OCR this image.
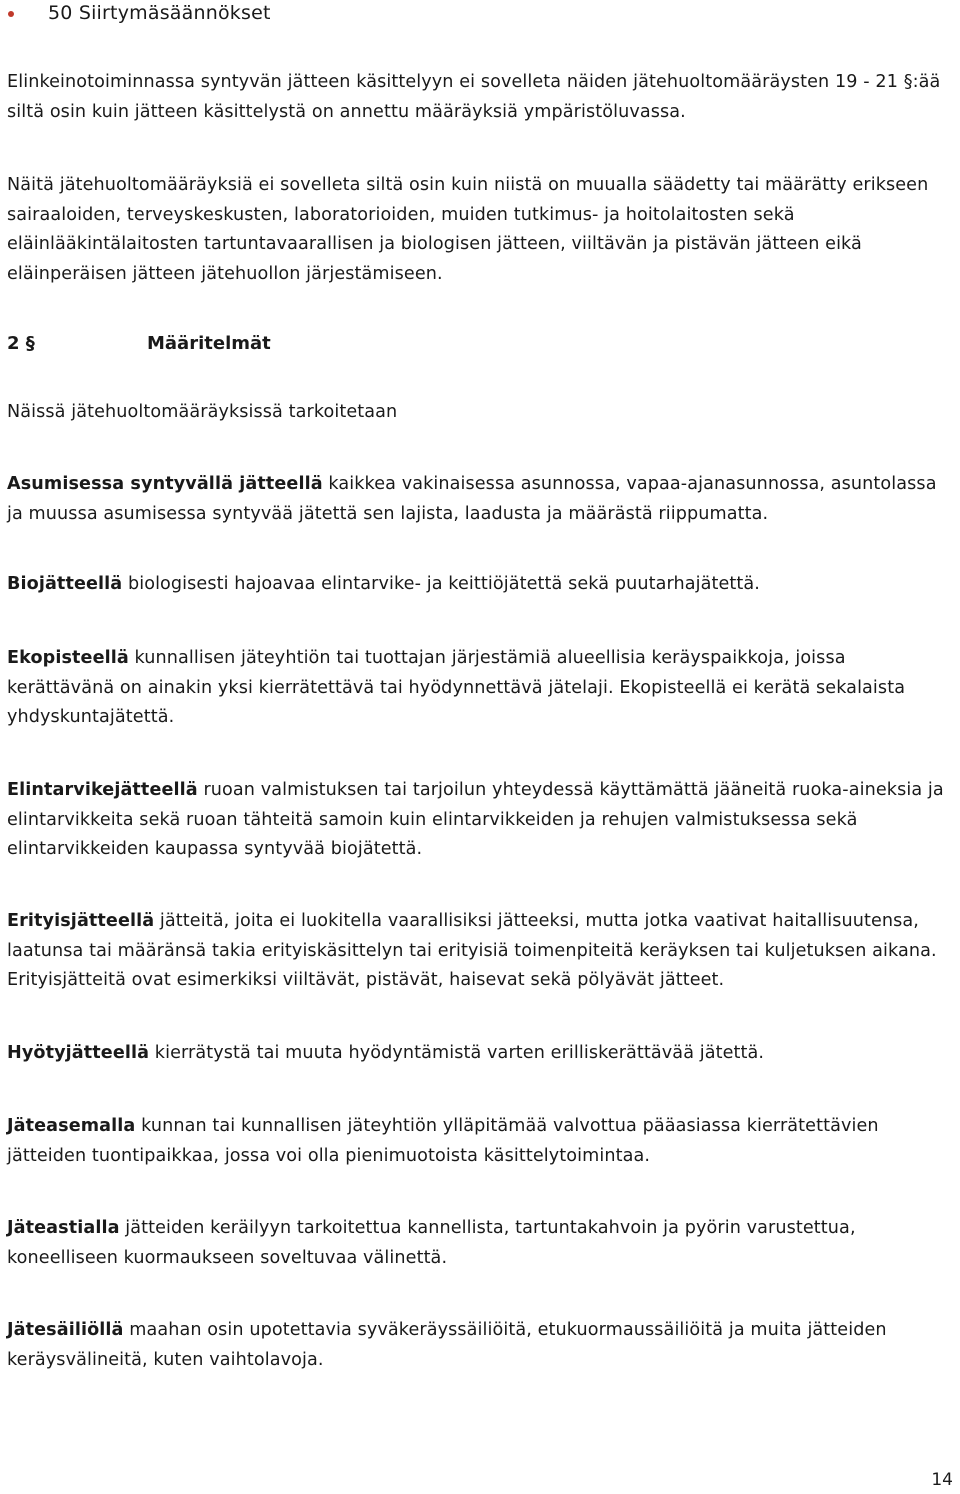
50 Siirtymäsäännökset

Elinkeinotoiminnassa syntyvän jätteen käsittelyyn ei sovelleta näiden jätehuoltomääräysten 19 - 21 §:ää siltä osin kuin jätteen käsittelystä on annettu määräyksiä ympäristöluvassa.

Näitä jätehuoltomääräyksiä ei sovelleta siltä osin kuin niistä on muualla säädetty tai määrätty erikseen sairaaloiden, terveyskeskusten, laboratorioiden, muiden tutkimus- ja hoitolaitosten sekä eläinlääkintälaitosten tartuntavaarallisen ja biologisen jätteen, viiltävän ja pistävän jätteen eikä eläinperäisen jätteen jätehuollon järjestämiseen.

2 §	Määritelmät

Näissä jätehuoltomääräyksissä tarkoitetaan

Asumisessa syntyvällä jätteellä kaikkea vakinaisessa asunnossa, vapaa-ajanasunnossa, asuntolassa ja muussa asumisessa syntyvää jätettä sen lajista, laadusta ja määrästä riippumatta.

Biojätteellä biologisesti hajoavaa elintarvike- ja keittiöjätettä sekä puutarhajätettä.

Ekopisteellä kunnallisen jäteyhtiön tai tuottajan järjestämiä alueellisia keräyspaikkoja, joissa kerättävänä on ainakin yksi kierrätettävä tai hyödynnettävä jätelaji. Ekopisteellä ei kerätä sekalaista yhdyskuntajätettä.

Elintarvikejätteellä ruoan valmistuksen tai tarjoilun yhteydessä käyttämättä jääneitä ruoka-aineksia ja elintarvikkeita sekä ruoan tähteitä samoin kuin elintarvikkeiden ja rehujen valmistuksessa sekä elintarvikkeiden kaupassa syntyvää biojätettä.

Erityisjätteellä jätteitä, joita ei luokitella vaarallisiksi jätteeksi, mutta jotka vaativat haitallisuutensa, laatunsa tai määränsä takia erityiskäsittelyn tai erityisiä toimenpiteitä keräyksen tai kuljetuksen aikana. Erityisjätteitä ovat esimerkiksi viiltävät, pistävät, haisevat sekä pölyävät jätteet.

Hyötyjätteellä kierrätystä tai muuta hyödyntämistä varten erilliskerättävää jätettä.

Jäteasemalla kunnan tai kunnallisen jäteyhtiön ylläpitämää valvottua pääasiassa kierrätettävien jätteiden tuontipaikkaa, jossa voi olla pienimuotoista käsittelytoimintaa.

Jäteastialla jätteiden keräilyyn tarkoitettua kannellista, tartuntakahvoin ja pyörin varustettua, koneelliseen kuormaukseen soveltuvaa välinettä.

Jätesäiliöllä maahan osin upotettavia syväkeräyssäiliöitä, etukuormaussäiliöitä ja muita jätteiden keräysvälineitä, kuten vaihtolavoja.

14
